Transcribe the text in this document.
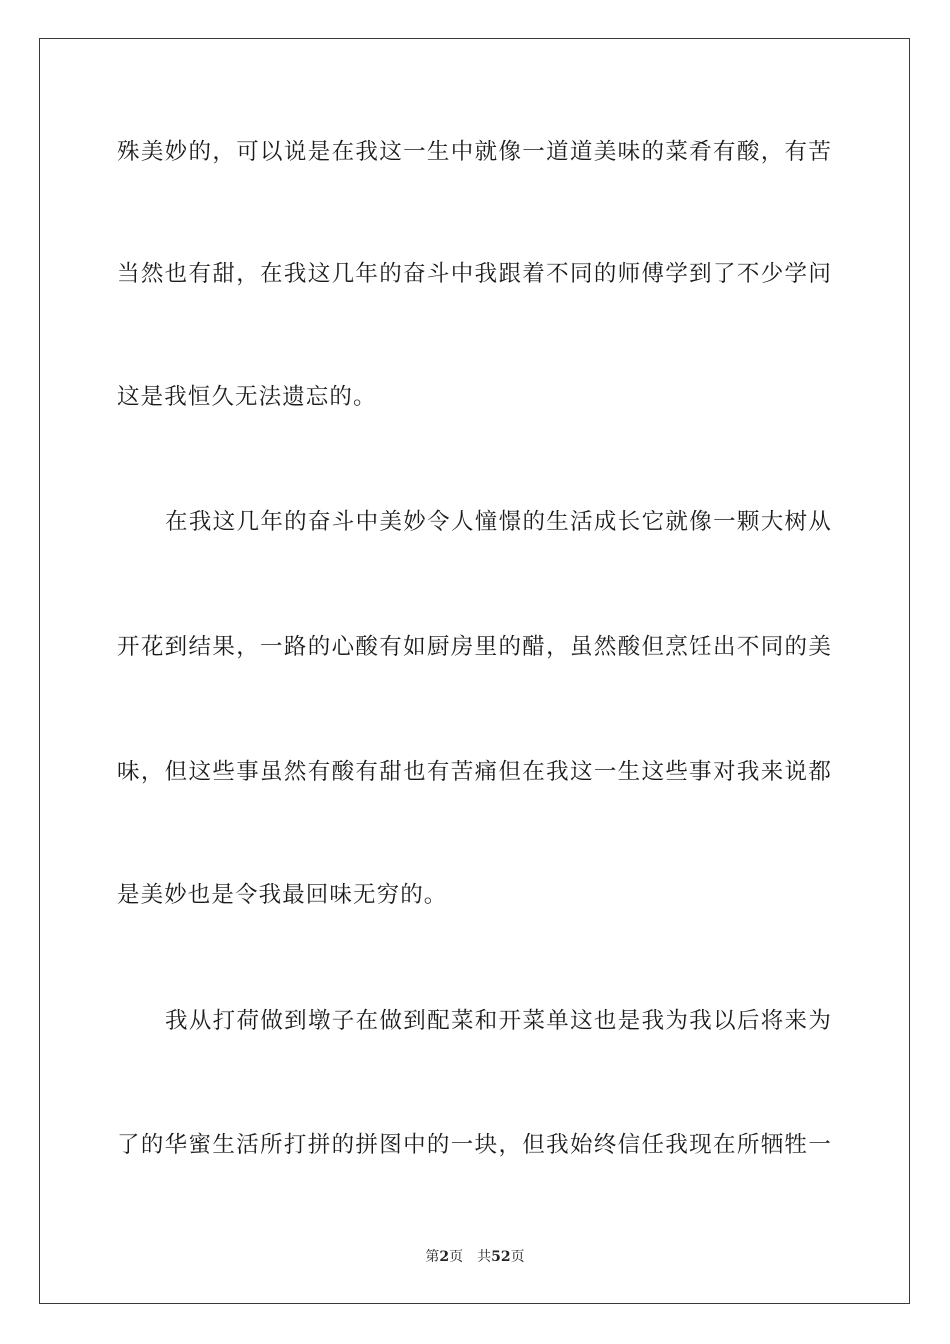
殊美妙的，可以说是在我这一生中就像一道道美味的菜肴有酸，有苦
当然也有甜，在我这几年的奋斗中我跟着不同的师傅学到了不少学问
这是我恒久无法遗忘的。
在我这几年的奋斗中美妙令人憧憬的生活成长它就像一颗大树从
开花到结果，一路的心酸有如厨房里的醋，虽然酸但烹饪出不同的美
味，但这些事虽然有酸有甜也有苦痛但在我这一生这些事对我来说都
是美妙也是令我最回味无穷的。
我从打荷做到墩子在做到配菜和开菜单这也是我为我以后将来为
了的华蜜生活所打拼的拼图中的一块，但我始终信任我现在所牺牲一
第2页 共52页
